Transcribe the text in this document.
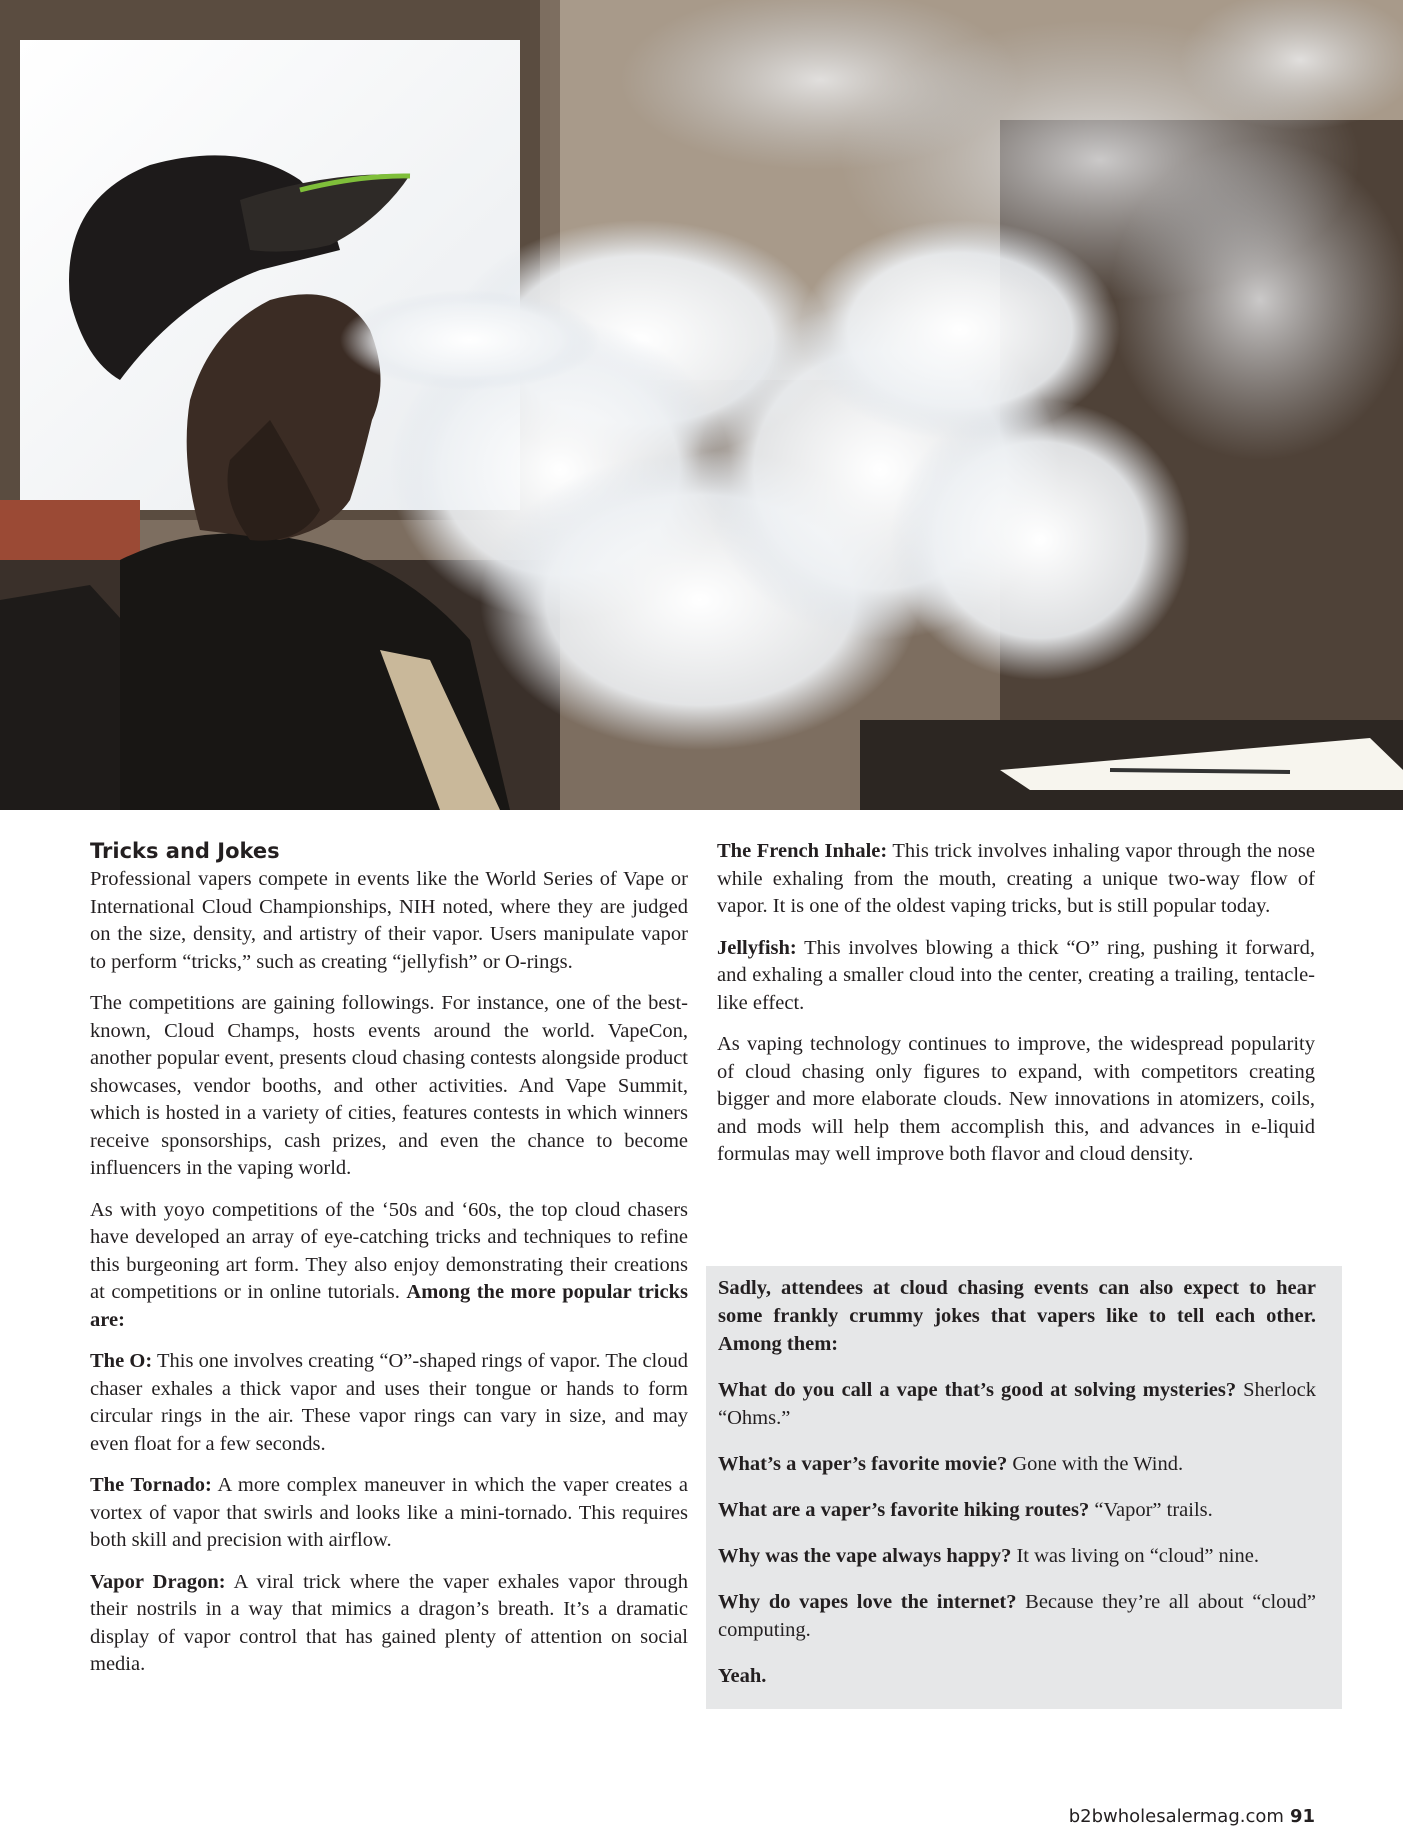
Tricks and Jokes

Professional vapers compete in events like the World Series of Vape or International Cloud Championships, NIH noted, where they are judged on the size, density, and artistry of their vapor. Users manipulate vapor to perform “tricks,” such as creating “jellyfish” or O-rings.

The competitions are gaining followings. For instance, one of the best-known, Cloud Champs, hosts events around the world. VapeCon, another popular event, presents cloud chasing contests alongside product showcases, vendor booths, and other activities. And Vape Summit, which is hosted in a variety of cities, features contests in which winners receive sponsorships, cash prizes, and even the chance to become influencers in the vaping world.

As with yoyo competitions of the ‘50s and ‘60s, the top cloud chasers have developed an array of eye-catching tricks and techniques to refine this burgeoning art form. They also enjoy demonstrating their creations at competitions or in online tutorials. Among the more popular tricks are:

The O: This one involves creating “O”-shaped rings of vapor. The cloud chaser exhales a thick vapor and uses their tongue or hands to form circular rings in the air. These vapor rings can vary in size, and may even float for a few seconds.

The Tornado: A more complex maneuver in which the vaper creates a vortex of vapor that swirls and looks like a mini-tornado. This requires both skill and precision with airflow.

Vapor Dragon: A viral trick where the vaper exhales vapor through their nostrils in a way that mimics a dragon’s breath. It’s a dramatic display of vapor control that has gained plenty of attention on social media.

The French Inhale: This trick involves inhaling vapor through the nose while exhaling from the mouth, creating a unique two-way flow of vapor. It is one of the oldest vaping tricks, but is still popular today.

Jellyfish: This involves blowing a thick “O” ring, pushing it forward, and exhaling a smaller cloud into the center, creating a trailing, tentacle-like effect.

As vaping technology continues to improve, the widespread popularity of cloud chasing only figures to expand, with competitors creating bigger and more elaborate clouds. New innovations in atomizers, coils, and mods will help them accomplish this, and advances in e-liquid formulas may well improve both flavor and cloud density.

Sadly, attendees at cloud chasing events can also expect to hear some frankly crummy jokes that vapers like to tell each other. Among them:

What do you call a vape that’s good at solving mysteries? Sherlock “Ohms.”

What’s a vaper’s favorite movie? Gone with the Wind.

What are a vaper’s favorite hiking routes? “Vapor” trails.

Why was the vape always happy? It was living on “cloud” nine.

Why do vapes love the internet? Because they’re all about “cloud” computing.

Yeah.

b2bwholesalermag.com 91
